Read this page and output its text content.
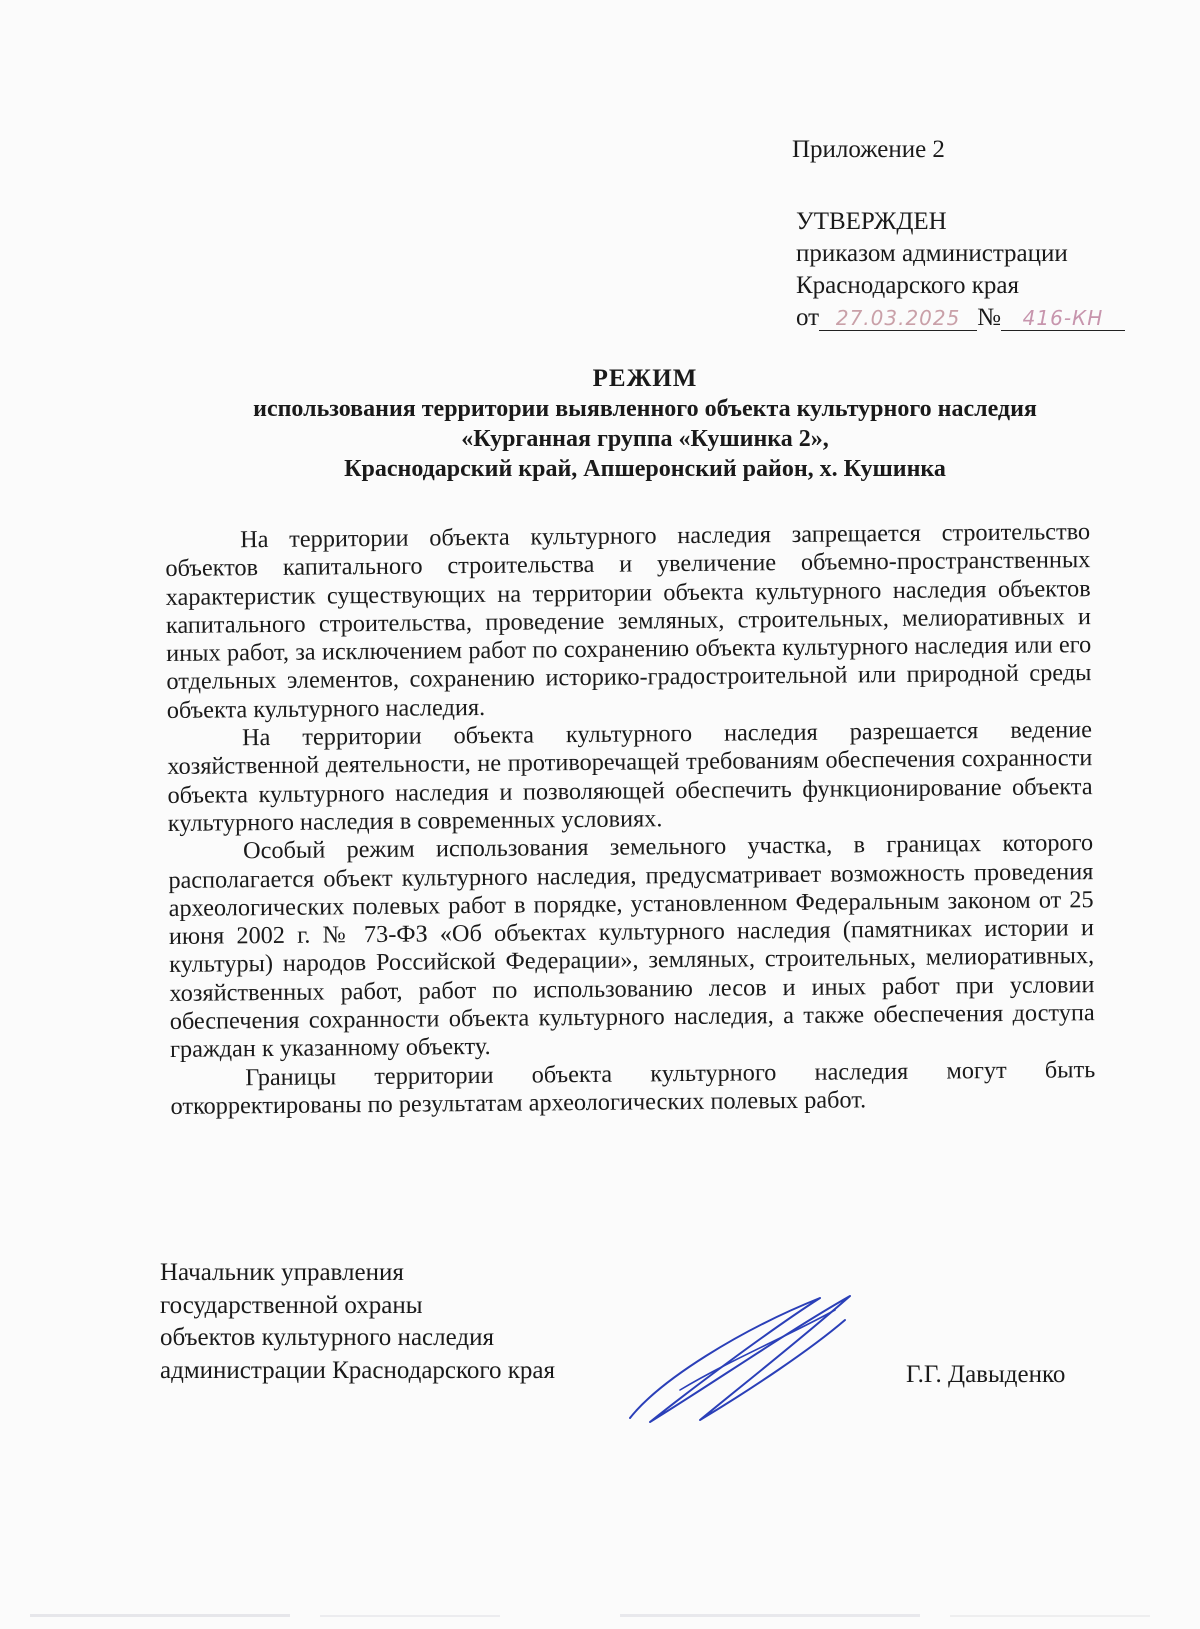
Приложение 2
УТВЕРЖДЕН
приказом администрации
Краснодарского края
от 27.03.2025 № 416-КН
РЕЖИМ
использования территории выявленного объекта культурного наследия
«Курганная группа «Кушинка 2»,
Краснодарский край, Апшеронский район, х. Кушинка

На территории объекта культурного наследия запрещается строительство объектов капитального строительства и увеличение объемно-пространственных характеристик существующих на территории объекта культурного наследия объектов капитального строительства, проведение земляных, строительных, мелиоративных и иных работ, за исключением работ по сохранению объекта культурного наследия или его отдельных элементов, сохранению историко-градостроительной или природной среды объекта культурного наследия.

На территории объекта культурного наследия разрешается ведение хозяйственной деятельности, не противоречащей требованиям обеспечения сохранности объекта культурного наследия и позволяющей обеспечить функционирование объекта культурного наследия в современных условиях.

Особый режим использования земельного участка, в границах которого располагается объект культурного наследия, предусматривает возможность проведения археологических полевых работ в порядке, установленном Федеральным законом от 25 июня 2002 г. № 73-ФЗ «Об объектах культурного наследия (памятниках истории и культуры) народов Российской Федерации», земляных, строительных, мелиоративных, хозяйственных работ, работ по использованию лесов и иных работ при условии обеспечения сохранности объекта культурного наследия, а также обеспечения доступа граждан к указанному объекту.

Границы территории объекта культурного наследия могут быть откорректированы по результатам археологических полевых работ.

Начальник управления
государственной охраны
объектов культурного наследия
администрации Краснодарского края	Г.Г. Давыденко
